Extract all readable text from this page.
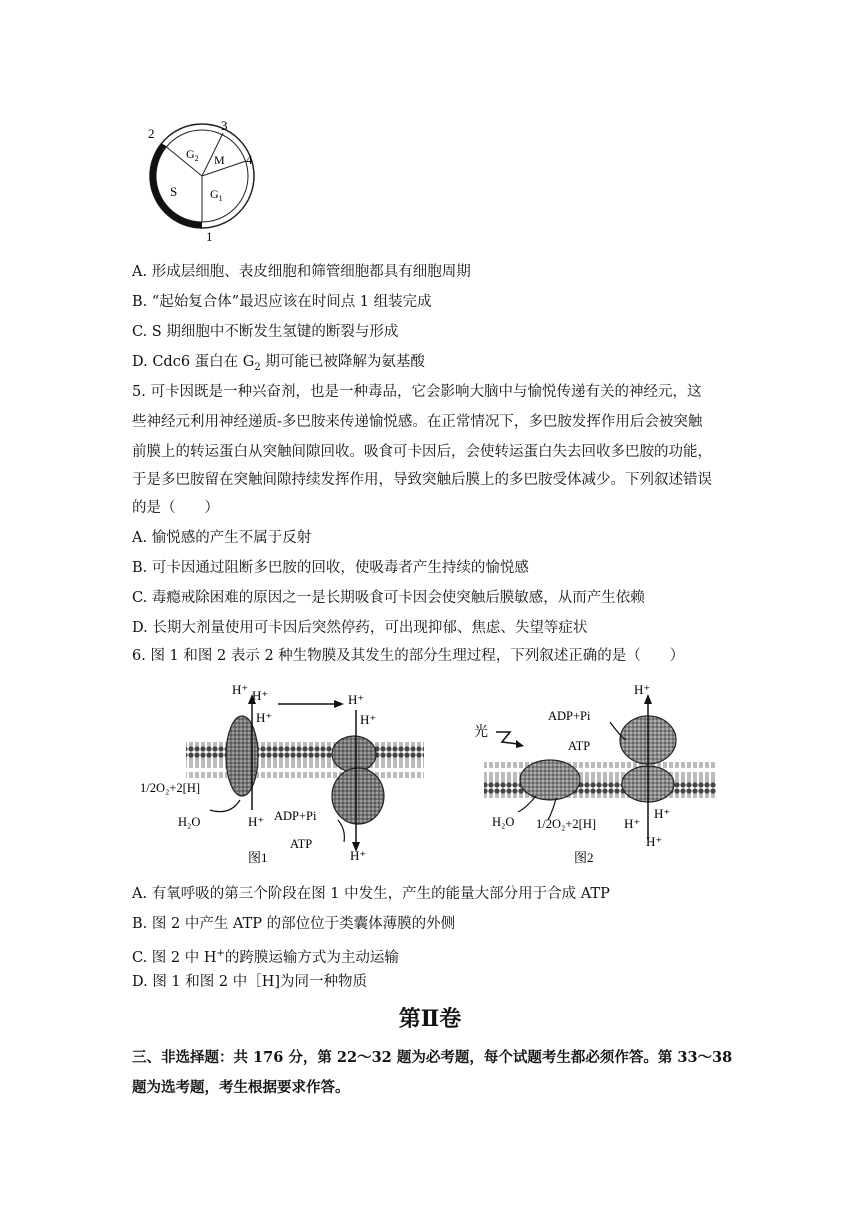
2
3
4
1
S
$G_2$ M
$G_1$
A. 形成层细胞、表皮细胞和筛管细胞都具有细胞周期
B. “起始复合体”最迟应该在时间点 1 组装完成
C. S 期细胞中不断发生氢键的断裂与形成
D. Cdc6 蛋白在 $G_2$ 期可能已被降解为氨基酸
5. 可卡因既是一种兴奋剂，也是一种毒品，它会影响大脑中与愉悦传递有关的神经元，这
些神经元利用神经递质-多巴胺来传递愉悦感。在正常情况下，多巴胺发挥作用后会被突触
前膜上的转运蛋白从突触间隙回收。吸食可卡因后，会使转运蛋白失去回收多巴胺的功能，
于是多巴胺留在突触间隙持续发挥作用，导致突触后膜上的多巴胺受体减少。下列叙述错误
的是（　　）
A. 愉悦感的产生不属于反射
B. 可卡因通过阻断多巴胺的回收，使吸毒者产生持续的愉悦感
C. 毒瘾戒除困难的原因之一是长期吸食可卡因会使突触后膜敏感，从而产生依赖
D. 长期大剂量使用可卡因后突然停药，可出现抑郁、焦虑、失望等症状
6. 图 1 和图 2 表示 2 种生物膜及其发生的部分生理过程，下列叙述正确的是（　　）
H⁺ H⁺
H⁺
H⁺
H⁺
H⁺
H⁺
1/2O₂+2[H]
H₂O	ADP+Pi
ATP
图1
光
ADP+Pi
ATP
H⁺
H₂O 1/2O₂+2[H] H⁺
H⁺
H⁺
图2
A. 有氧呼吸的第三个阶段在图 1 中发生，产生的能量大部分用于合成 ATP
B. 图 2 中产生 ATP 的部位位于类囊体薄膜的外侧
C. 图 2 中 H+的跨膜运输方式为主动运输
D. 图 1 和图 2 中［H]为同一种物质
第Ⅱ卷
三、非选择题：共 176 分，第 22～32 题为必考题，每个试题考生都必须作答。第 33～38
题为选考题，考生根据要求作答。
